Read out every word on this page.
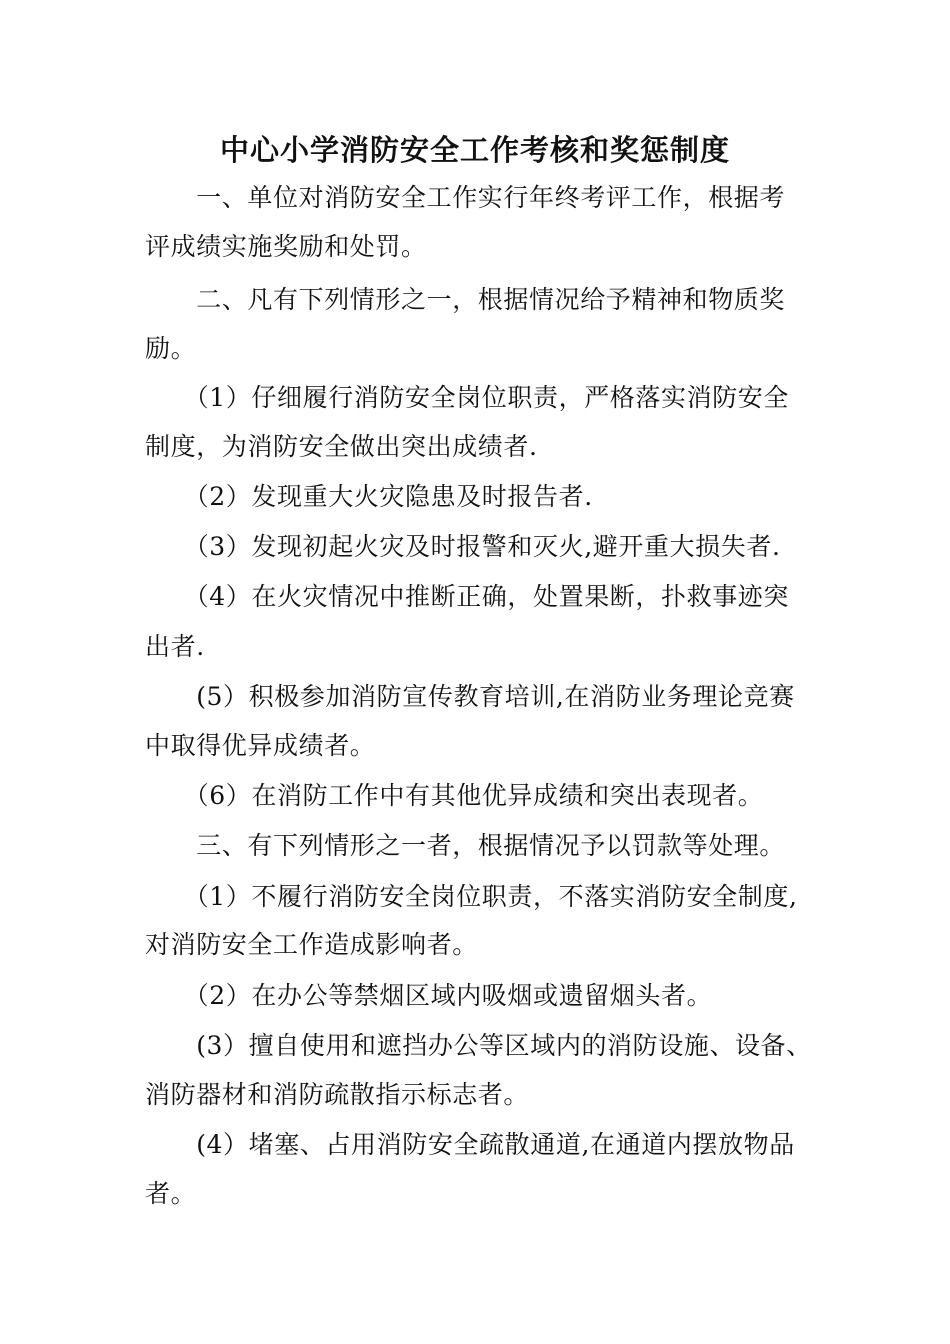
中心小学消防安全工作考核和奖惩制度

　　一、单位对消防安全工作实行年终考评工作，根据考

评成绩实施奖励和处罚。

　　二、凡有下列情形之一，根据情况给予精神和物质奖

励。

　　（1）仔细履行消防安全岗位职责，严格落实消防安全

制度，为消防安全做出突出成绩者.

　　（2）发现重大火灾隐患及时报告者.

　　（3）发现初起火灾及时报警和灭火,避开重大损失者.

　　（4）在火灾情况中推断正确，处置果断，扑救事迹突

出者.

　　(5）积极参加消防宣传教育培训,在消防业务理论竞赛

中取得优异成绩者。

　　（6）在消防工作中有其他优异成绩和突出表现者。

　　三、有下列情形之一者，根据情况予以罚款等处理。

　　（1）不履行消防安全岗位职责，不落实消防安全制度,

对消防安全工作造成影响者。

　　（2）在办公等禁烟区域内吸烟或遗留烟头者。

　　(3）擅自使用和遮挡办公等区域内的消防设施、设备、

消防器材和消防疏散指示标志者。

　　(4）堵塞、占用消防安全疏散通道,在通道内摆放物品

者。
